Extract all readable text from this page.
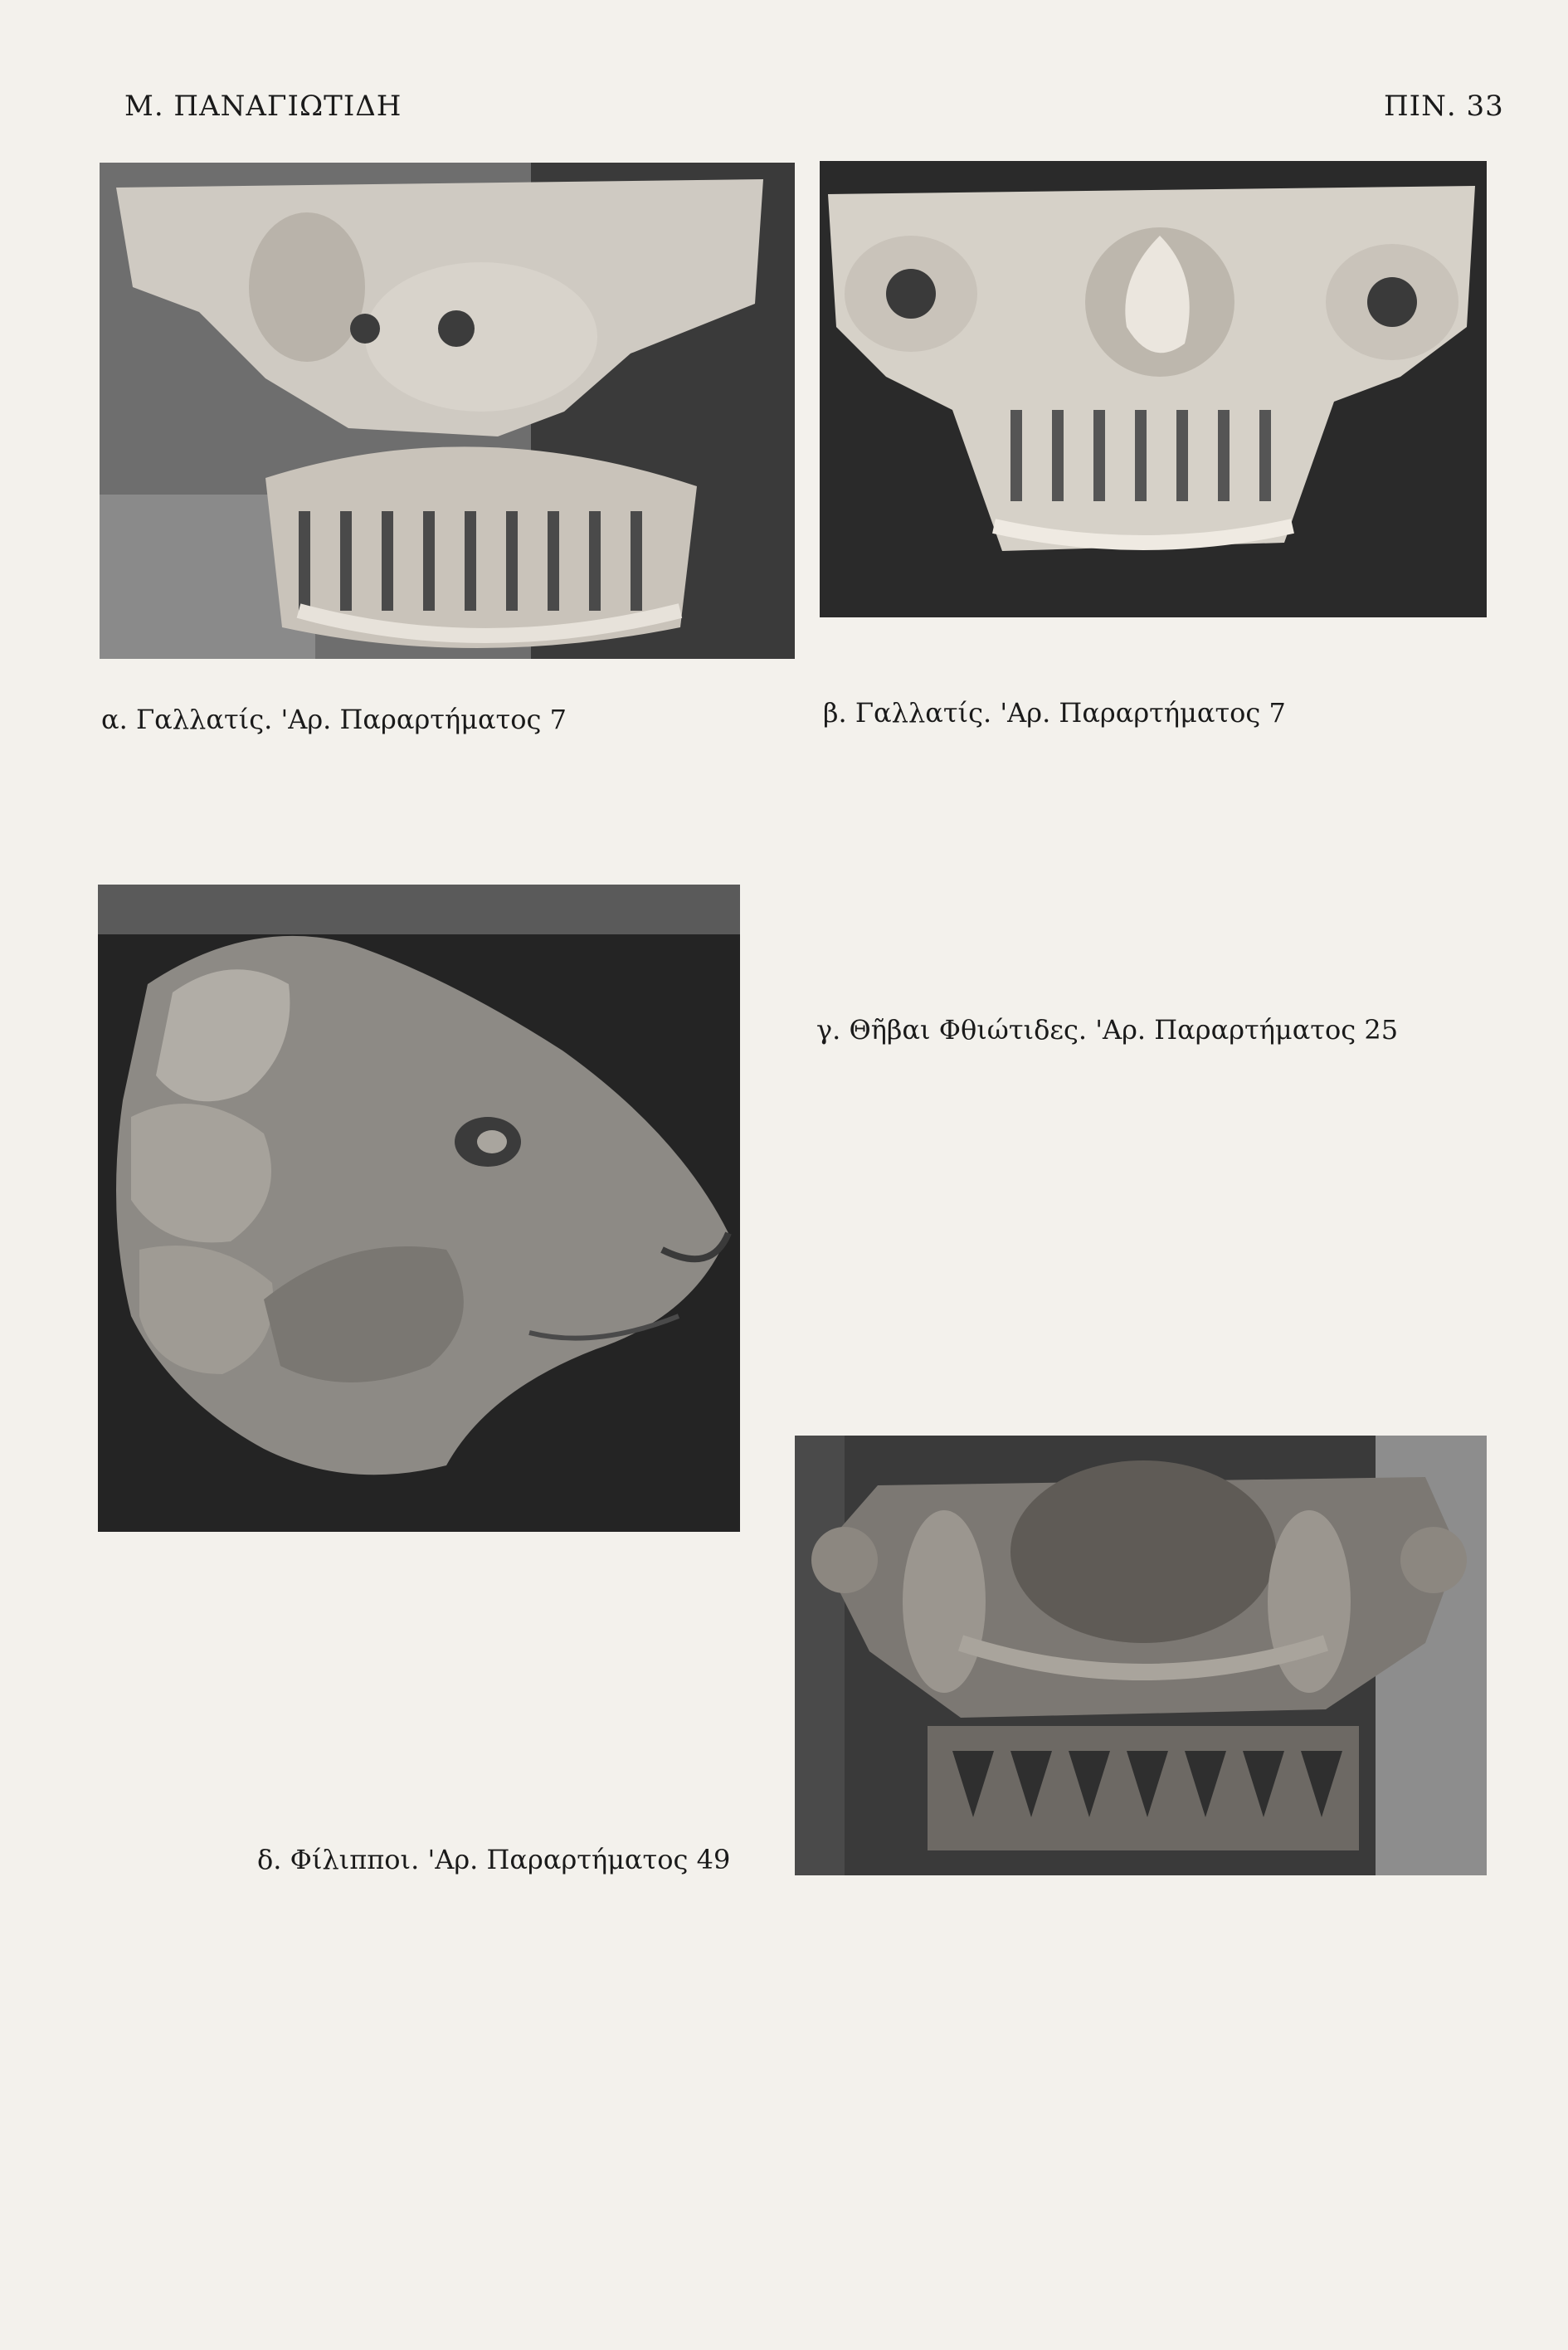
Μ. ΠΑΝΑΓΙΩΤΙΔΗ	ΠΙΝ. 33
α. Γαλλατίς. 'Αρ. Παραρτήματος 7	β. Γαλλατίς. 'Αρ. Παραρτήματος 7
γ. Θῆβαι Φθιώτιδες. 'Αρ. Παραρτήματος 25
δ. Φίλιπποι. 'Αρ. Παραρτήματος 49
